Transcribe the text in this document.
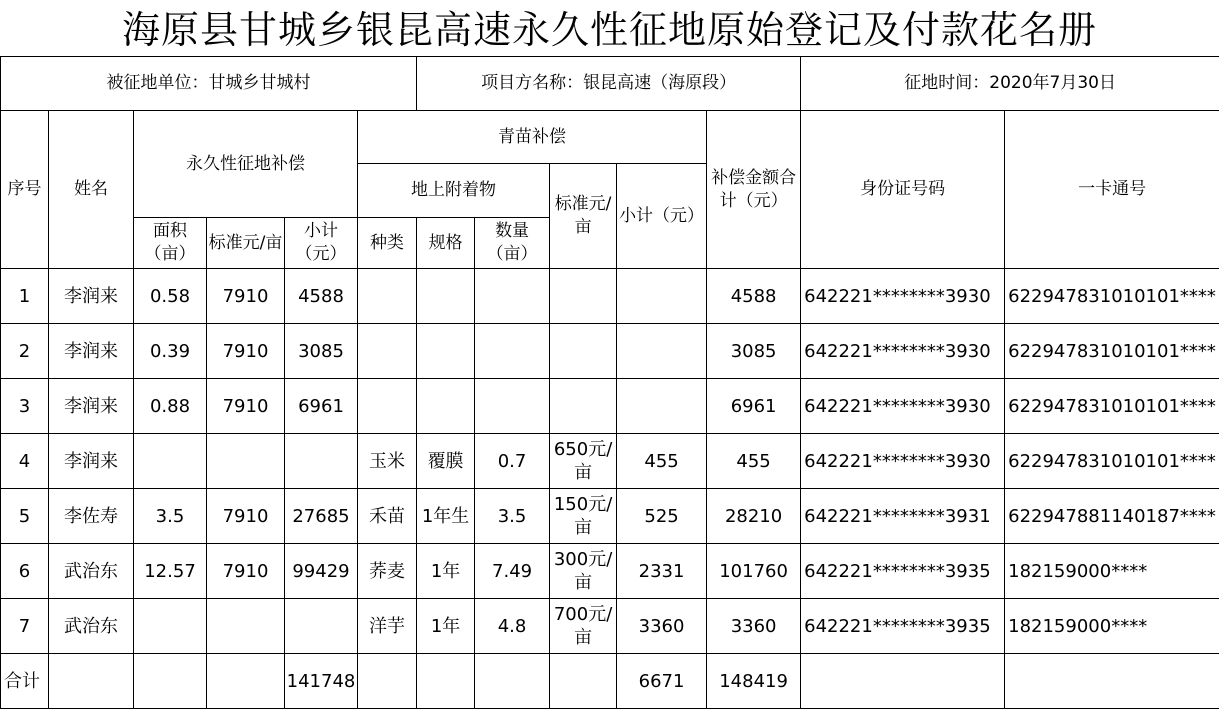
海原县甘城乡银昆高速永久性征地原始登记及付款花名册
被征地单位：甘城乡甘城村						项目方名称：银昆高速（海原段）					征地时间：2020年7月30日	
序号	姓名	永久性征地补偿			青苗补偿					补偿金额合计（元）	身份证号码	一卡通号
					地上附着物			标准元/亩	小计（元）			
		面积（亩）	标准元/亩	小计（元）	种类	规格	数量（亩）					
1	李润来	0.58	7910	4588						4588	642221********3930	622947831010101****
2	李润来	0.39	7910	3085						3085	642221********3930	622947831010101****
3	李润来	0.88	7910	6961						6961	642221********3930	622947831010101****
4	李润来				玉米	覆膜	0.7	650元/亩	455	455	642221********3930	622947831010101****
5	李佐寿	3.5	7910	27685	禾苗	1年生	3.5	150元/亩	525	28210	642221********3931	622947881140187****
6	武治东	12.57	7910	99429	荞麦	1年	7.49	300元/亩	2331	101760	642221********3935	182159000****
7	武治东				洋芋	1年	4.8	700元/亩	3360	3360	642221********3935	182159000****
合计				141748					6671	148419		
